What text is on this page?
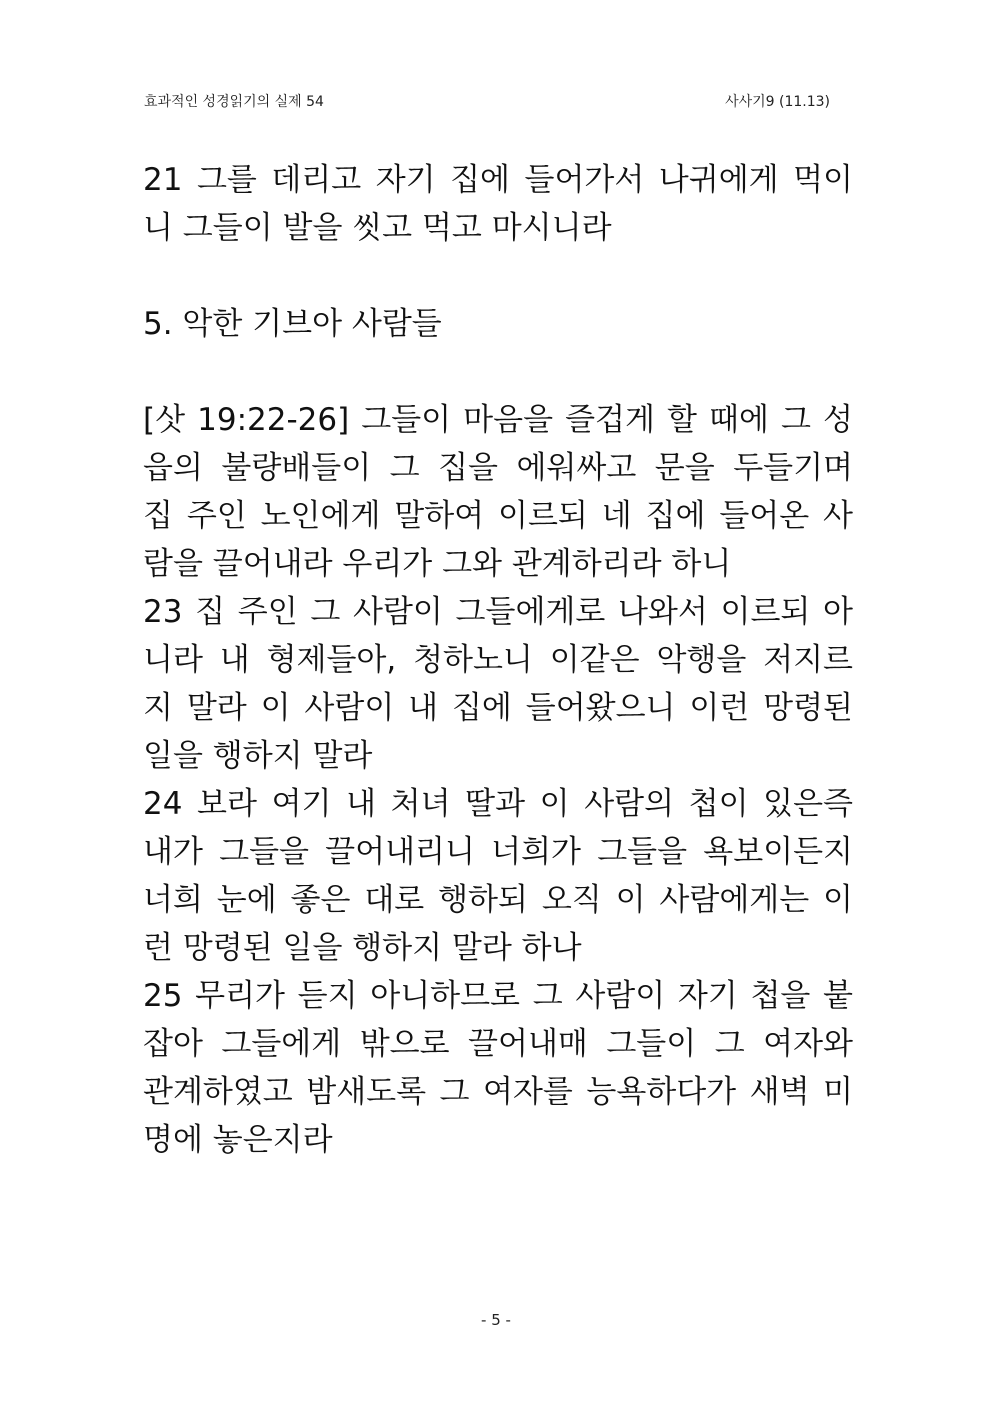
효과적인 성경읽기의 실제 54	사사기9 (11.13)
21 그를 데리고 자기 집에 들어가서 나귀에게 먹이
니 그들이 발을 씻고 먹고 마시니라
5. 악한 기브아 사람들
[삿 19:22-26] 그들이 마음을 즐겁게 할 때에 그 성
읍의 불량배들이 그 집을 에워싸고 문을 두들기며
집 주인 노인에게 말하여 이르되 네 집에 들어온 사
람을 끌어내라 우리가 그와 관계하리라 하니
23 집 주인 그 사람이 그들에게로 나와서 이르되 아
니라 내 형제들아, 청하노니 이같은 악행을 저지르
지 말라 이 사람이 내 집에 들어왔으니 이런 망령된
일을 행하지 말라
24 보라 여기 내 처녀 딸과 이 사람의 첩이 있은즉
내가 그들을 끌어내리니 너희가 그들을 욕보이든지
너희 눈에 좋은 대로 행하되 오직 이 사람에게는 이
런 망령된 일을 행하지 말라 하나
25 무리가 듣지 아니하므로 그 사람이 자기 첩을 붙
잡아 그들에게 밖으로 끌어내매 그들이 그 여자와
관계하였고 밤새도록 그 여자를 능욕하다가 새벽 미
명에 놓은지라
- 5 -
